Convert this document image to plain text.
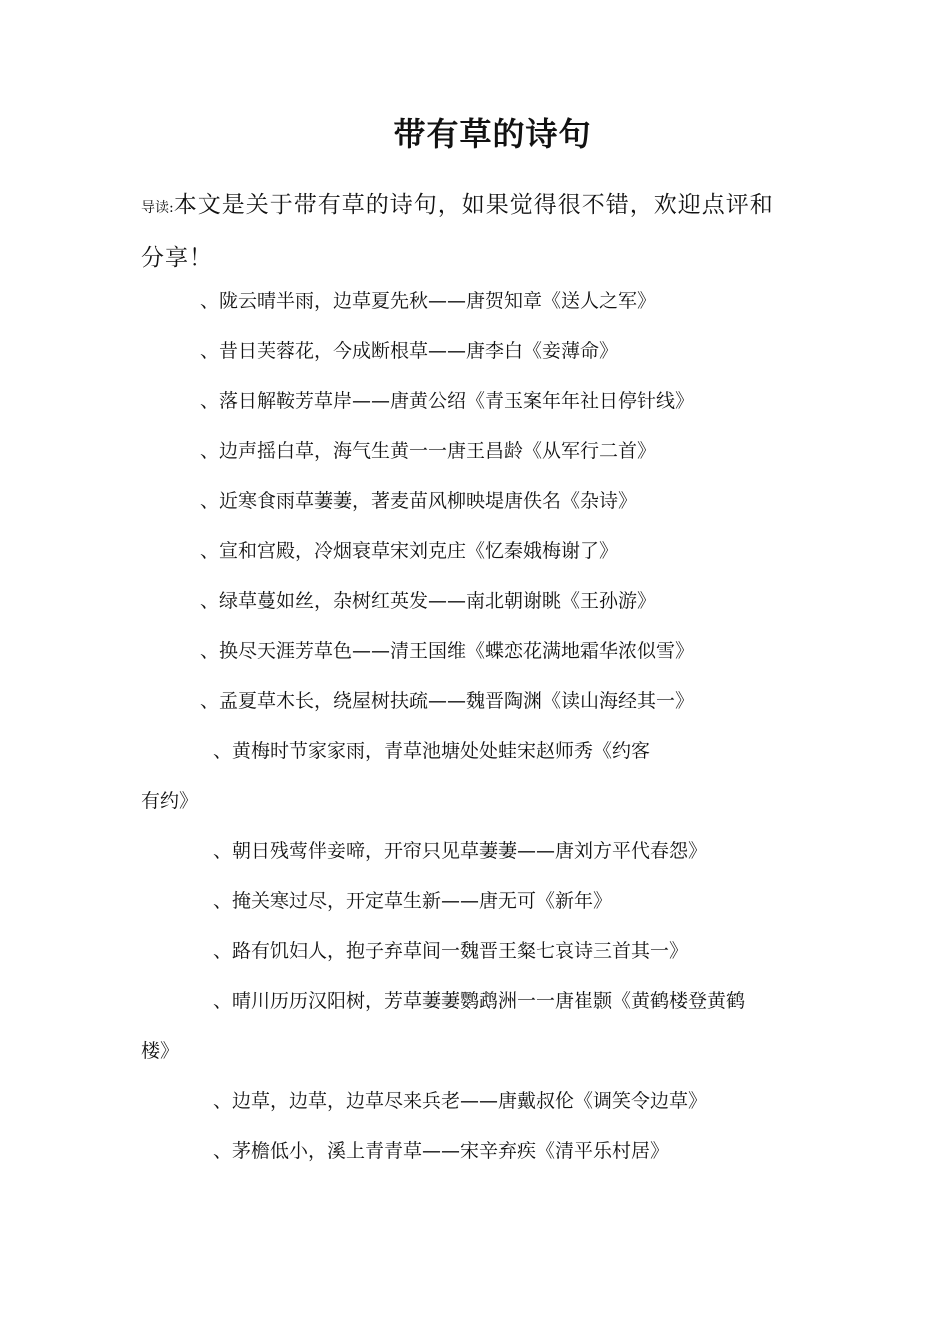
带有草的诗句
导读:本文是关于带有草的诗句，如果觉得很不错，欢迎点评和
分享！
、陇云晴半雨，边草夏先秋——唐贺知章《送人之军》
、昔日芙蓉花，今成断根草——唐李白《妾薄命》
、落日解鞍芳草岸——唐黄公绍《青玉案年年社日停针线》
、边声摇白草，海气生黄一一唐王昌龄《从军行二首》
、近寒食雨草萋萋，著麦苗风柳映堤唐佚名《杂诗》
、宣和宫殿，冷烟衰草宋刘克庄《忆秦娥梅谢了》
、绿草蔓如丝，杂树红英发——南北朝谢眺《王孙游》
、换尽天涯芳草色——清王国维《蝶恋花满地霜华浓似雪》
、孟夏草木长，绕屋树扶疏——魏晋陶渊《读山海经其一》
、黄梅时节家家雨，青草池塘处处蛙宋赵师秀《约客
有约》
、朝日残莺伴妾啼，开帘只见草萋萋——唐刘方平代春怨》
、掩关寒过尽，开定草生新——唐无可《新年》
、路有饥妇人，抱子弃草间一魏晋王粲七哀诗三首其一》
、晴川历历汉阳树，芳草萋萋鹦鹉洲一一唐崔颢《黄鹤楼登黄鹤
楼》
、边草，边草，边草尽来兵老——唐戴叔伦《调笑令边草》
、茅檐低小，溪上青青草——宋辛弃疾《清平乐村居》
